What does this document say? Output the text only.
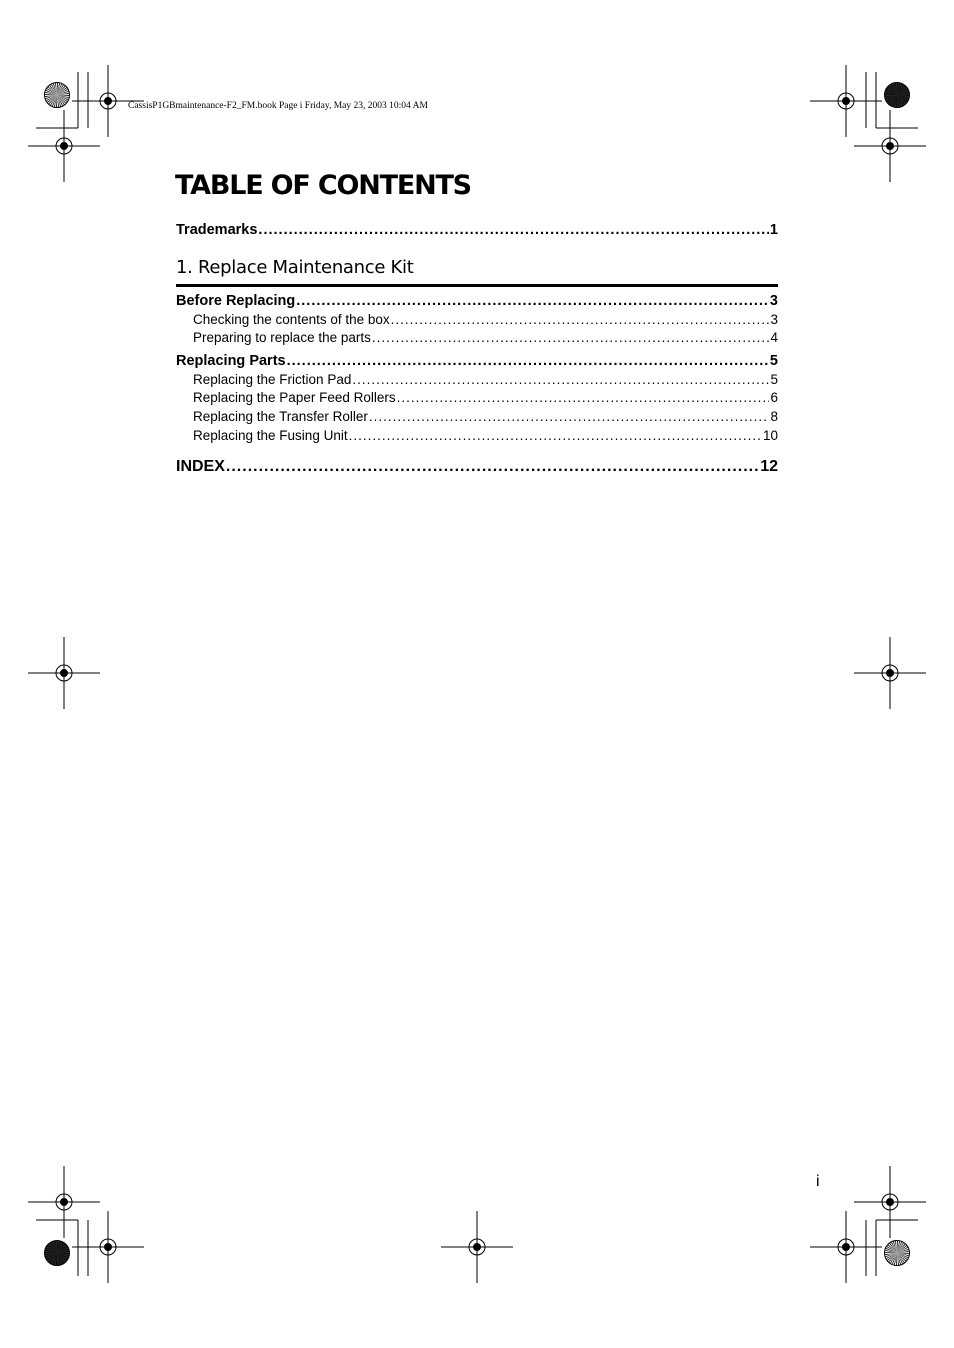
CassisP1GBmaintenance-F2_FM.book Page i Friday, May 23, 2003 10:04 AM
TABLE OF CONTENTS
Trademarks .....	1
1. Replace Maintenance Kit
Before Replacing .....	3
Checking the contents of the box .....	3
Preparing to replace the parts .....	4
Replacing Parts .....	5
Replacing the Friction Pad .....	5
Replacing the Paper Feed Rollers .....	6
Replacing the Transfer Roller .....	8
Replacing the Fusing Unit .....	10
INDEX .....	12
i
